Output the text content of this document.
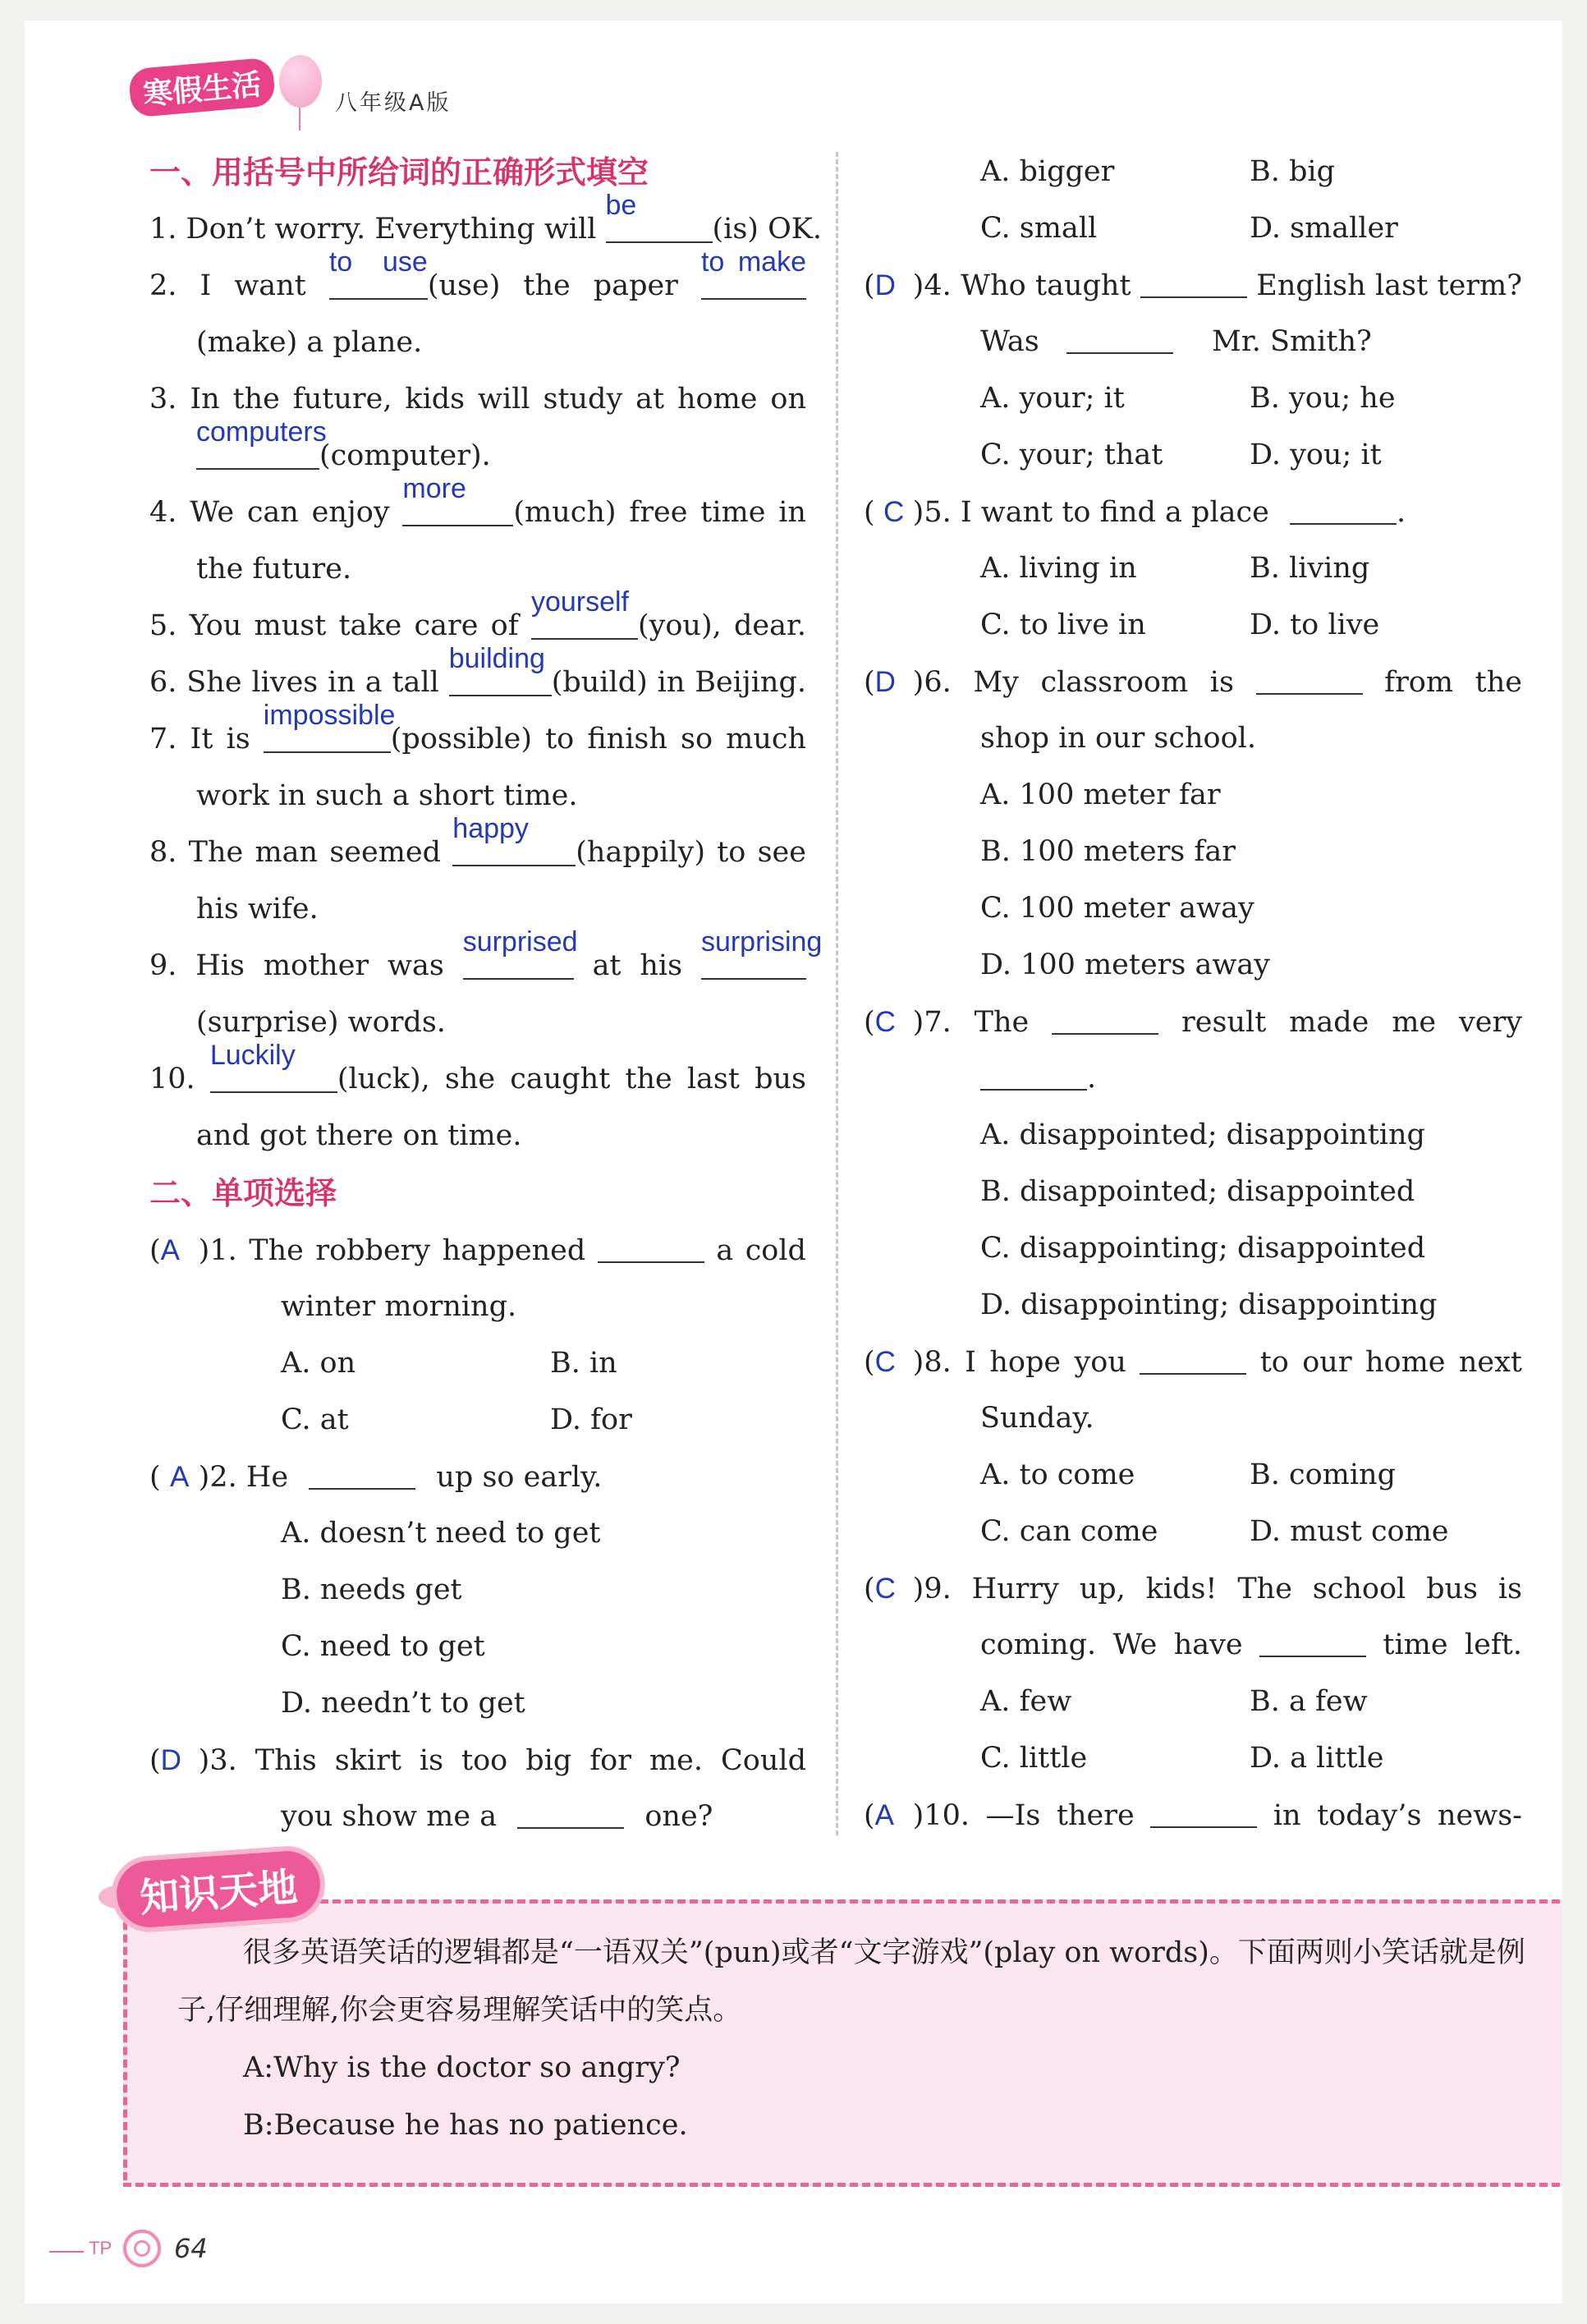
寒假生活	八年级A版
一、用括号中所给词的正确形式填空
1. Don’t worry. Everything will
be
(is) OK.
2. I want
to use
(use) the paper
to make
(make) a plane.
3. In the future, kids will study at home on
computers
(computer).
4. We can enjoy
more
(much) free time in
the future.
5. You must take care of
yourself
(you), dear.
6. She lives in a tall
building
(build) in Beijing.
7. It is
impossible
(possible) to finish so much
work in such a short time.
8. The man seemed
happy
(happily) to see
his wife.
9. His mother was
surprised
at his
surprising
(surprise) words.
10.
Luckily
(luck), she caught the last bus
and got there on time.
二、单项选择
(A )1. The robbery happened	a cold
winter morning.
A. on	B. in
C. at	D. for
( A )2. He	up so early.
A. doesn’t need to get
B. needs get
C. need to get
D. needn’t to get
(D )3. This skirt is too big for me. Could
you show me a	one?
A. bigger	B. big
C. small	D. smaller
(D )4. Who taught	English last term?
Was	Mr. Smith?
A. your; it	B. you; he
C. your; that	D. you; it
( C )5. I want to find a place	.
A. living in	B. living
C. to live in	D. to live
(D )6. My classroom is	from the
shop in our school.
A. 100 meter far
B. 100 meters far
C. 100 meter away
D. 100 meters away
(C )7. The	result made me very
.
A. disappointed; disappointing
B. disappointed; disappointed
C. disappointing; disappointed
D. disappointing; disappointing
(C )8. I hope you	to our home next
Sunday.
A. to come	B. coming
C. can come	D. must come
(C )9. Hurry up, kids! The school bus is
coming. We have	time left.
A. few	B. a few
C. little	D. a little
(A )10. —Is there	in today’s news-
知识天地

很多英语笑话的逻辑都是“一语双关”(pun)或者“文字游戏”(play on words)。下面两则小笑话就是例子,仔细理解,你会更容易理解笑话中的笑点。

A:Why is the doctor so angry?

B:Because he has no patience.

TP 64
